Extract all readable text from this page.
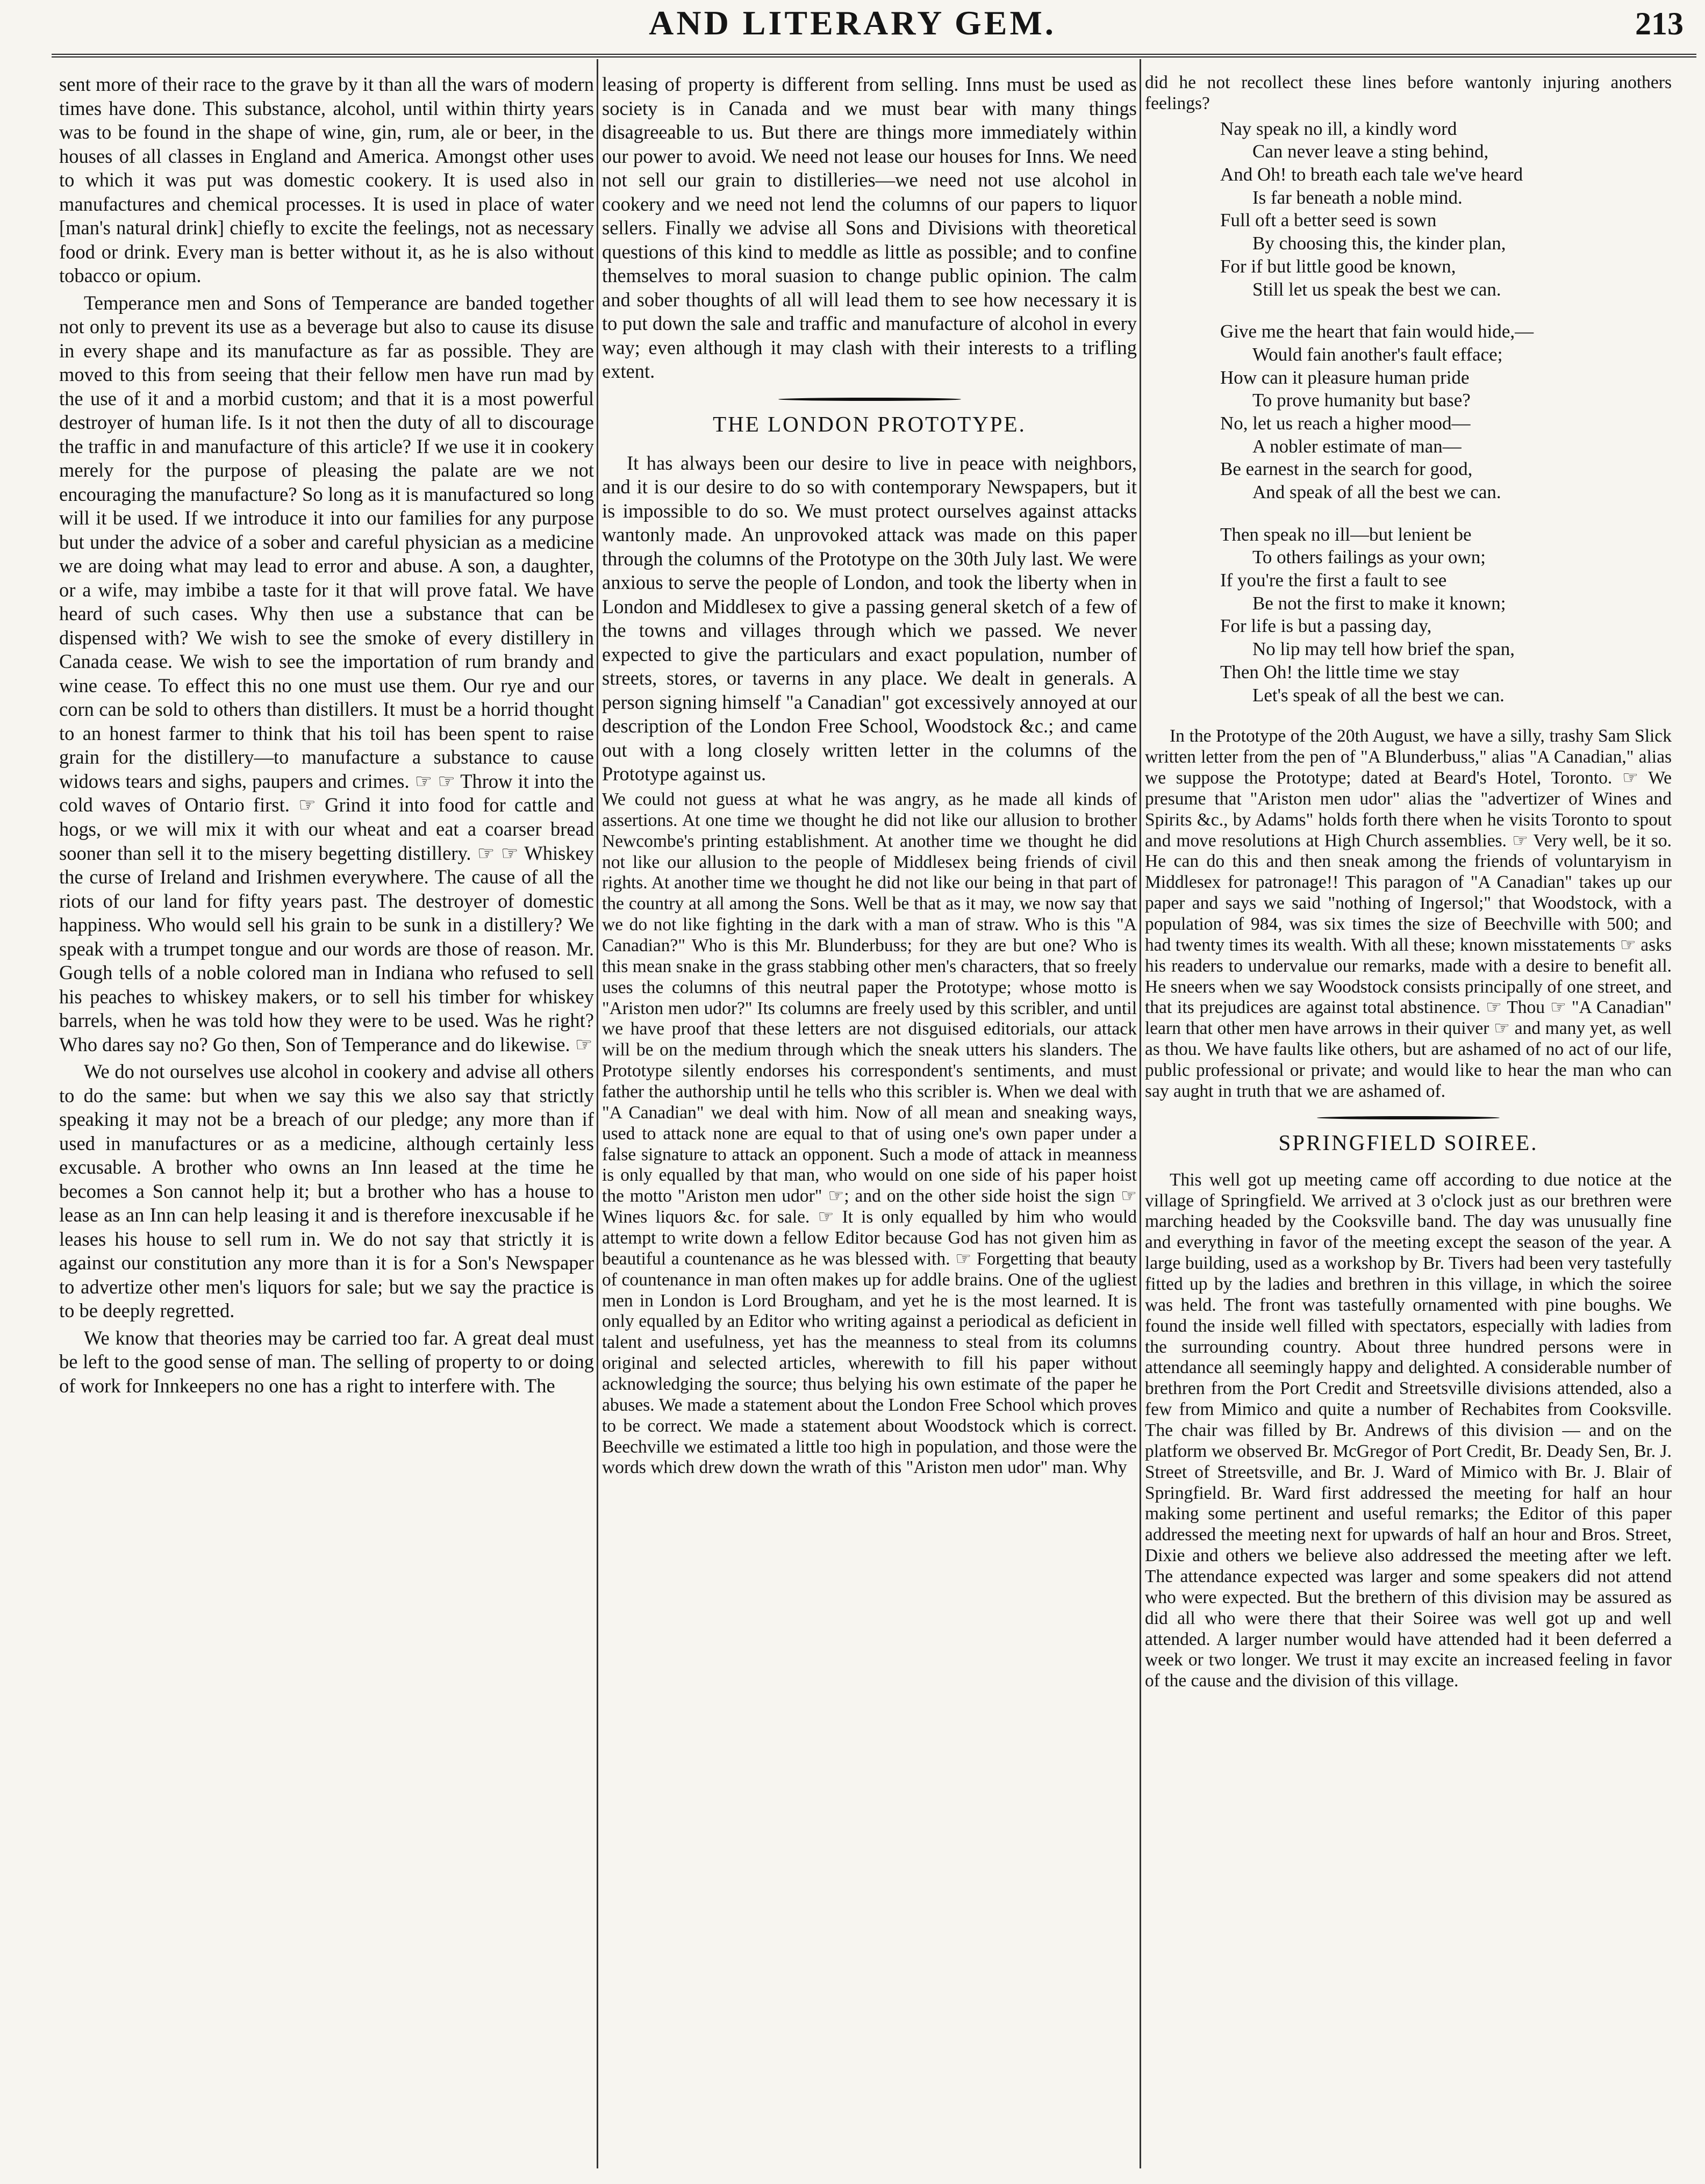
AND LITERARY GEM.	213

sent more of their race to the grave by it than all the wars of modern times have done. This substance, alcohol, until within thirty years was to be found in the shape of wine, gin, rum, ale or beer, in the houses of all classes in England and America. Amongst other uses to which it was put was domestic cookery. It is used also in manufactures and chemical processes. It is used in place of water [man's natural drink] chiefly to excite the feelings, not as necessary food or drink. Every man is better without it, as he is also without tobacco or opium.

Temperance men and Sons of Temperance are banded together not only to prevent its use as a beverage but also to cause its disuse in every shape and its manufacture as far as possible. They are moved to this from seeing that their fellow men have run mad by the use of it and a morbid custom; and that it is a most powerful destroyer of human life. Is it not then the duty of all to discourage the traffic in and manufacture of this article? If we use it in cookery merely for the purpose of pleasing the palate are we not encouraging the manufacture? So long as it is manufactured so long will it be used. If we introduce it into our families for any purpose but under the advice of a sober and careful physician as a medicine we are doing what may lead to error and abuse. A son, a daughter, or a wife, may imbibe a taste for it that will prove fatal. We have heard of such cases. Why then use a substance that can be dispensed with? We wish to see the smoke of every distillery in Canada cease. We wish to see the importation of rum brandy and wine cease. To effect this no one must use them. Our rye and our corn can be sold to others than distillers. It must be a horrid thought to an honest farmer to think that his toil has been spent to raise grain for the distillery—to manufacture a substance to cause widows tears and sighs, paupers and crimes. ☞ ☞ Throw it into the cold waves of Ontario first. ☞ Grind it into food for cattle and hogs, or we will mix it with our wheat and eat a coarser bread sooner than sell it to the misery begetting distillery. ☞ ☞ Whiskey the curse of Ireland and Irishmen everywhere. The cause of all the riots of our land for fifty years past. The destroyer of domestic happiness. Who would sell his grain to be sunk in a distillery? We speak with a trumpet tongue and our words are those of reason. Mr. Gough tells of a noble colored man in Indiana who refused to sell his peaches to whiskey makers, or to sell his timber for whiskey barrels, when he was told how they were to be used. Was he right? Who dares say no? Go then, Son of Temperance and do likewise. ☞

We do not ourselves use alcohol in cookery and advise all others to do the same: but when we say this we also say that strictly speaking it may not be a breach of our pledge; any more than if used in manufactures or as a medicine, although certainly less excusable. A brother who owns an Inn leased at the time he becomes a Son cannot help it; but a brother who has a house to lease as an Inn can help leasing it and is therefore inexcusable if he leases his house to sell rum in. We do not say that strictly it is against our constitution any more than it is for a Son's Newspaper to advertize other men's liquors for sale; but we say the practice is to be deeply regretted.

We know that theories may be carried too far. A great deal must be left to the good sense of man. The selling of property to or doing of work for Innkeepers no one has a right to interfere with. The

leasing of property is different from selling. Inns must be used as society is in Canada and we must bear with many things disagreeable to us. But there are things more immediately within our power to avoid. We need not lease our houses for Inns. We need not sell our grain to distilleries—we need not use alcohol in cookery and we need not lend the columns of our papers to liquor sellers. Finally we advise all Sons and Divisions with theoretical questions of this kind to meddle as little as possible; and to confine themselves to moral suasion to change public opinion. The calm and sober thoughts of all will lead them to see how necessary it is to put down the sale and traffic and manufacture of alcohol in every way; even although it may clash with their interests to a trifling extent.

THE LONDON PROTOTYPE.

It has always been our desire to live in peace with neighbors, and it is our desire to do so with contemporary Newspapers, but it is impossible to do so. We must protect ourselves against attacks wantonly made. An unprovoked attack was made on this paper through the columns of the Prototype on the 30th July last. We were anxious to serve the people of London, and took the liberty when in London and Middlesex to give a passing general sketch of a few of the towns and villages through which we passed. We never expected to give the particulars and exact population, number of streets, stores, or taverns in any place. We dealt in generals. A person signing himself "a Canadian" got excessively annoyed at our description of the London Free School, Woodstock &c.; and came out with a long closely written letter in the columns of the Prototype against us.

We could not guess at what he was angry, as he made all kinds of assertions. At one time we thought he did not like our allusion to brother Newcombe's printing establishment. At another time we thought he did not like our allusion to the people of Middlesex being friends of civil rights. At another time we thought he did not like our being in that part of the country at all among the Sons. Well be that as it may, we now say that we do not like fighting in the dark with a man of straw. Who is this "A Canadian?" Who is this Mr. Blunderbuss; for they are but one? Who is this mean snake in the grass stabbing other men's characters, that so freely uses the columns of this neutral paper the Prototype; whose motto is "Ariston men udor?" Its columns are freely used by this scribler, and until we have proof that these letters are not disguised editorials, our attack will be on the medium through which the sneak utters his slanders. The Prototype silently endorses his correspondent's sentiments, and must father the authorship until he tells who this scribler is. When we deal with "A Canadian" we deal with him. Now of all mean and sneaking ways, used to attack none are equal to that of using one's own paper under a false signature to attack an opponent. Such a mode of attack in meanness is only equalled by that man, who would on one side of his paper hoist the motto "Ariston men udor" ☞; and on the other side hoist the sign ☞ Wines liquors &c. for sale. ☞ It is only equalled by him who would attempt to write down a fellow Editor because God has not given him as beautiful a countenance as he was blessed with. ☞ Forgetting that beauty of countenance in man often makes up for addle brains. One of the ugliest men in London is Lord Brougham, and yet he is the most learned. It is only equalled by an Editor who writing against a periodical as deficient in talent and usefulness, yet has the meanness to steal from its columns original and selected articles, wherewith to fill his paper without acknowledging the source; thus belying his own estimate of the paper he abuses. We made a statement about the London Free School which proves to be correct. We made a statement about Woodstock which is correct. Beechville we estimated a little too high in population, and those were the words which drew down the wrath of this "Ariston men udor" man. Why

did he not recollect these lines before wantonly injuring anothers feelings?

Nay speak no ill, a kindly word
Can never leave a sting behind,
And Oh! to breath each tale we've heard
Is far beneath a noble mind.
Full oft a better seed is sown
By choosing this, the kinder plan,
For if but little good be known,
Still let us speak the best we can.
Give me the heart that fain would hide,—
Would fain another's fault efface;
How can it pleasure human pride
To prove humanity but base?
No, let us reach a higher mood—
A nobler estimate of man—
Be earnest in the search for good,
And speak of all the best we can.
Then speak no ill—but lenient be
To others failings as your own;
If you're the first a fault to see
Be not the first to make it known;
For life is but a passing day,
No lip may tell how brief the span,
Then Oh! the little time we stay
Let's speak of all the best we can.

In the Prototype of the 20th August, we have a silly, trashy Sam Slick written letter from the pen of "A Blunderbuss," alias "A Canadian," alias we suppose the Prototype; dated at Beard's Hotel, Toronto. ☞ We presume that "Ariston men udor" alias the "advertizer of Wines and Spirits &c., by Adams" holds forth there when he visits Toronto to spout and move resolutions at High Church assemblies. ☞ Very well, be it so. He can do this and then sneak among the friends of voluntaryism in Middlesex for patronage!! This paragon of "A Canadian" takes up our paper and says we said "nothing of Ingersol;" that Woodstock, with a population of 984, was six times the size of Beechville with 500; and had twenty times its wealth. With all these; known misstatements ☞ asks his readers to undervalue our remarks, made with a desire to benefit all. He sneers when we say Woodstock consists principally of one street, and that its prejudices are against total abstinence. ☞ Thou ☞ "A Canadian" learn that other men have arrows in their quiver ☞ and many yet, as well as thou. We have faults like others, but are ashamed of no act of our life, public professional or private; and would like to hear the man who can say aught in truth that we are ashamed of.

SPRINGFIELD SOIREE.

This well got up meeting came off according to due notice at the village of Springfield. We arrived at 3 o'clock just as our brethren were marching headed by the Cooksville band. The day was unusually fine and everything in favor of the meeting except the season of the year. A large building, used as a workshop by Br. Tivers had been very tastefully fitted up by the ladies and brethren in this village, in which the soiree was held. The front was tastefully ornamented with pine boughs. We found the inside well filled with spectators, especially with ladies from the surrounding country. About three hundred persons were in attendance all seemingly happy and delighted. A considerable number of brethren from the Port Credit and Streetsville divisions attended, also a few from Mimico and quite a number of Rechabites from Cooksville. The chair was filled by Br. Andrews of this division — and on the platform we observed Br. McGregor of Port Credit, Br. Deady Sen, Br. J. Street of Streetsville, and Br. J. Ward of Mimico with Br. J. Blair of Springfield. Br. Ward first addressed the meeting for half an hour making some pertinent and useful remarks; the Editor of this paper addressed the meeting next for upwards of half an hour and Bros. Street, Dixie and others we believe also addressed the meeting after we left. The attendance expected was larger and some speakers did not attend who were expected. But the brethern of this division may be assured as did all who were there that their Soiree was well got up and well attended. A larger number would have attended had it been deferred a week or two longer. We trust it may excite an increased feeling in favor of the cause and the division of this village.
